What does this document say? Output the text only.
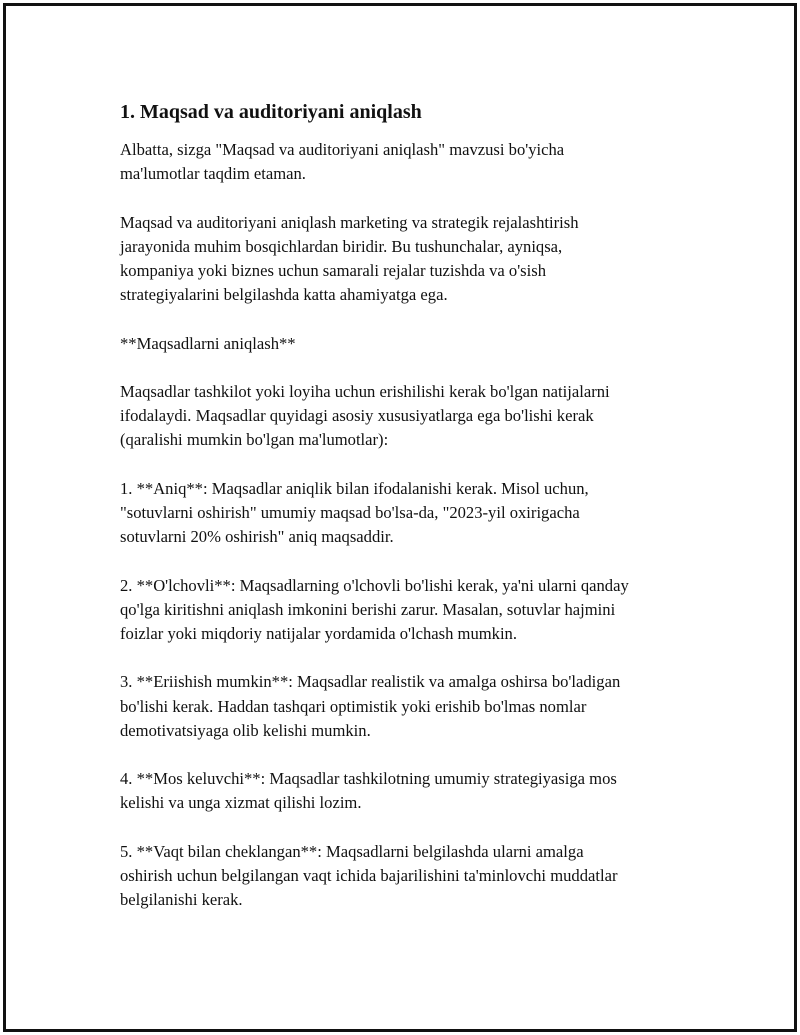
1. Maqsad va auditoriyani aniqlash

Albatta, sizga "Maqsad va auditoriyani aniqlash" mavzusi bo'yicha
ma'lumotlar taqdim etaman.

Maqsad va auditoriyani aniqlash marketing va strategik rejalashtirish
jarayonida muhim bosqichlardan biridir. Bu tushunchalar, ayniqsa,
kompaniya yoki biznes uchun samarali rejalar tuzishda va o'sish
strategiyalarini belgilashda katta ahamiyatga ega.

**Maqsadlarni aniqlash**

Maqsadlar tashkilot yoki loyiha uchun erishilishi kerak bo'lgan natijalarni
ifodalaydi. Maqsadlar quyidagi asosiy xususiyatlarga ega bo'lishi kerak
(qaralishi mumkin bo'lgan ma'lumotlar):

1. **Aniq**: Maqsadlar aniqlik bilan ifodalanishi kerak. Misol uchun,
"sotuvlarni oshirish" umumiy maqsad bo'lsa-da, "2023-yil oxirigacha
sotuvlarni 20% oshirish" aniq maqsaddir.

2. **O'lchovli**: Maqsadlarning o'lchovli bo'lishi kerak, ya'ni ularni qanday
qo'lga kiritishni aniqlash imkonini berishi zarur. Masalan, sotuvlar hajmini
foizlar yoki miqdoriy natijalar yordamida o'lchash mumkin.

3. **Eriishish mumkin**: Maqsadlar realistik va amalga oshirsa bo'ladigan
bo'lishi kerak. Haddan tashqari optimistik yoki erishib bo'lmas nomlar
demotivatsiyaga olib kelishi mumkin.

4. **Mos keluvchi**: Maqsadlar tashkilotning umumiy strategiyasiga mos
kelishi va unga xizmat qilishi lozim.

5. **Vaqt bilan cheklangan**: Maqsadlarni belgilashda ularni amalga
oshirish uchun belgilangan vaqt ichida bajarilishini ta'minlovchi muddatlar
belgilanishi kerak.
